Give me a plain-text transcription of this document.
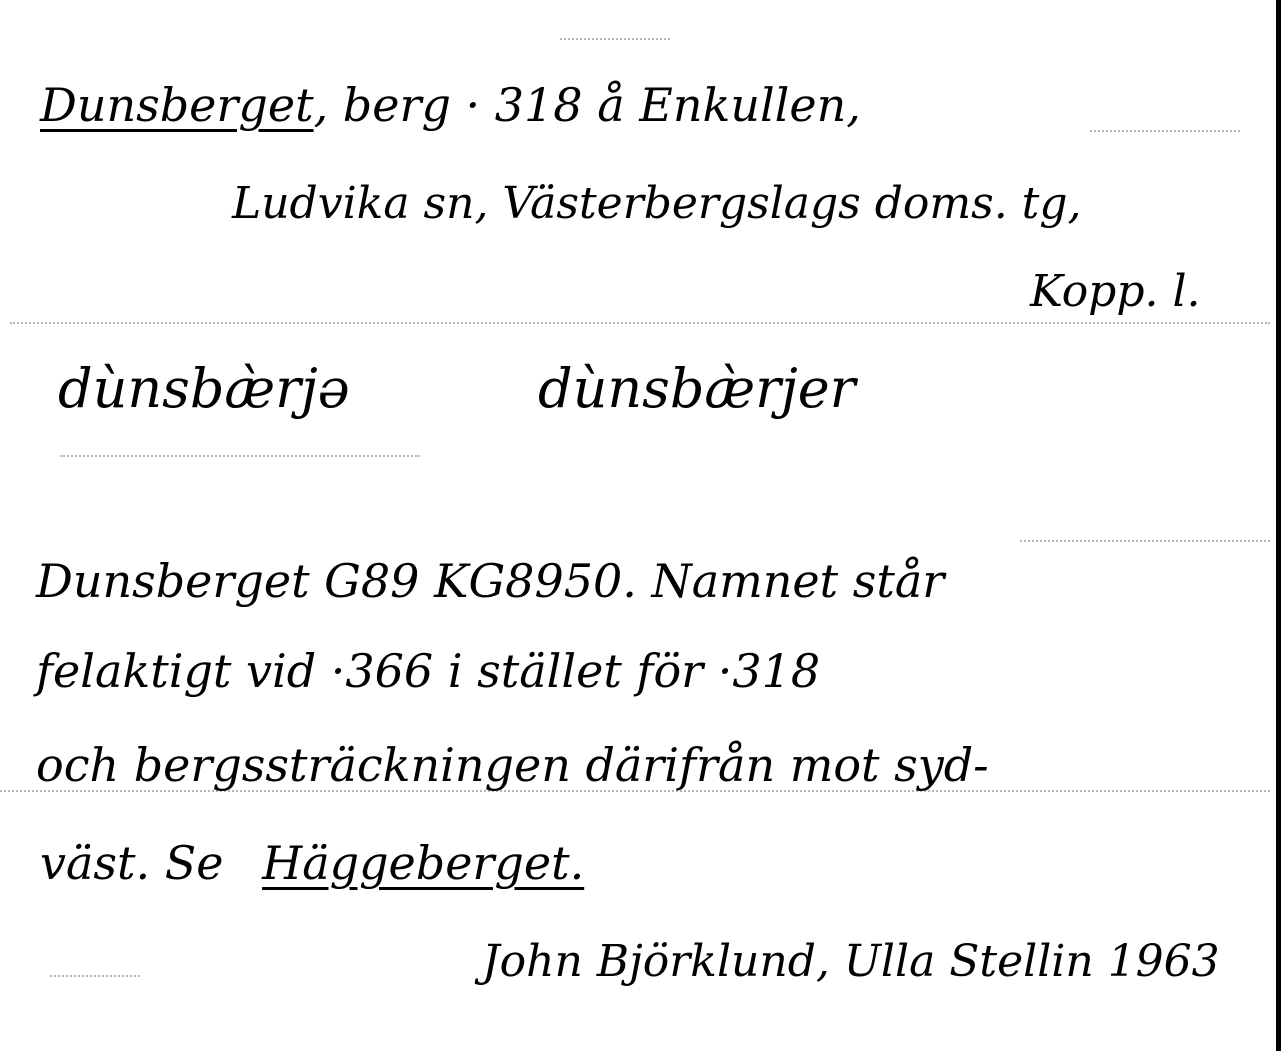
Dunsberget, berg · 318 å Enkullen,
Ludvika sn, Västerbergslags doms. tg,
Kopp. l.
dùnsbæ̀rjə	dùnsbæ̀rjer
Dunsberget G89 KG8950. Namnet står
felaktigt vid ·366 i stället för ·318
och bergssträckningen därifrån mot syd-
väst. Se Häggeberget.
John Björklund, Ulla Stellin 1963
